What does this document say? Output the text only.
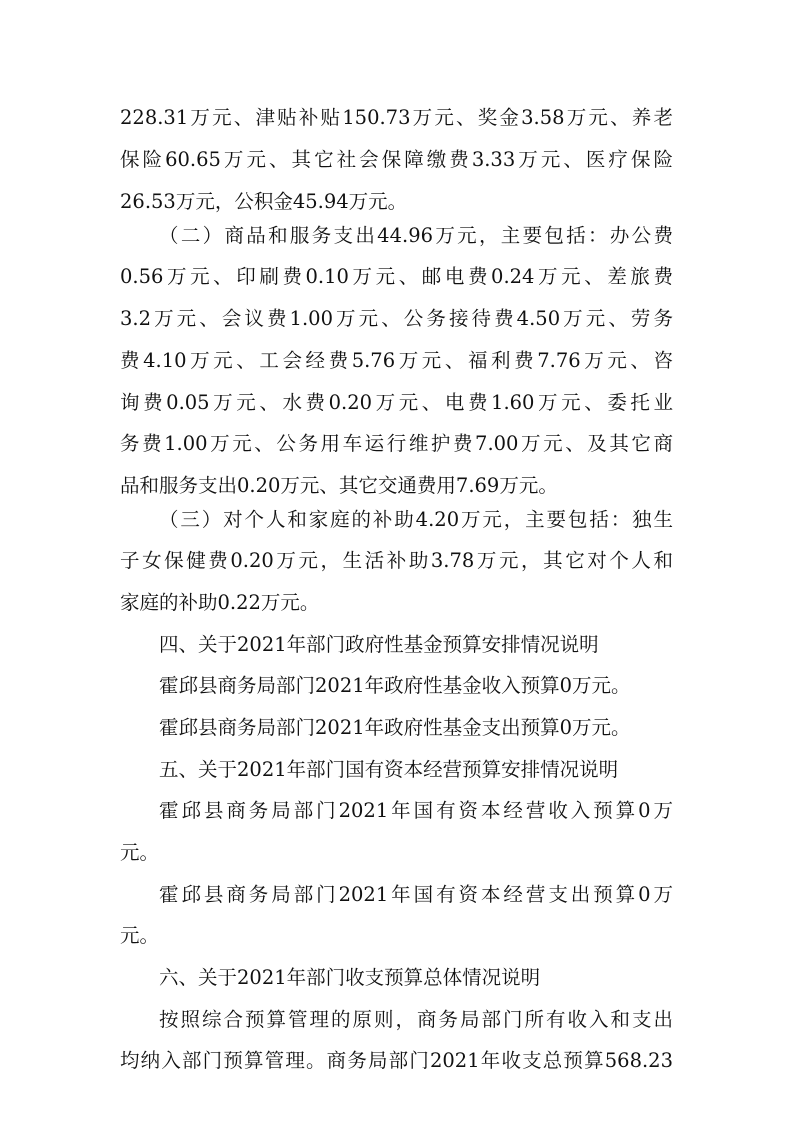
228.31万元、津贴补贴150.73万元、奖金3.58万元、养老
保险60.65万元、其它社会保障缴费3.33万元、医疗保险
26.53万元，公积金45.94万元。
（二）商品和服务支出44.96万元，主要包括：办公费
0.56万元、印刷费0.10万元、邮电费0.24万元、差旅费
3.2万元、会议费1.00万元、公务接待费4.50万元、劳务
费4.10万元、工会经费5.76万元、福利费7.76万元、咨
询费0.05万元、水费0.20万元、电费1.60万元、委托业
务费1.00万元、公务用车运行维护费7.00万元、及其它商
品和服务支出0.20万元、其它交通费用7.69万元。
（三）对个人和家庭的补助4.20万元，主要包括：独生
子女保健费0.20万元，生活补助3.78万元，其它对个人和
家庭的补助0.22万元。
四、关于2021年部门政府性基金预算安排情况说明
霍邱县商务局部门2021年政府性基金收入预算0万元。
霍邱县商务局部门2021年政府性基金支出预算0万元。
五、关于2021年部门国有资本经营预算安排情况说明
霍邱县商务局部门2021年国有资本经营收入预算0万
元。
霍邱县商务局部门2021年国有资本经营支出预算0万
元。
六、关于2021年部门收支预算总体情况说明
按照综合预算管理的原则，商务局部门所有收入和支出
均纳入部门预算管理。商务局部门2021年收支总预算568.23
